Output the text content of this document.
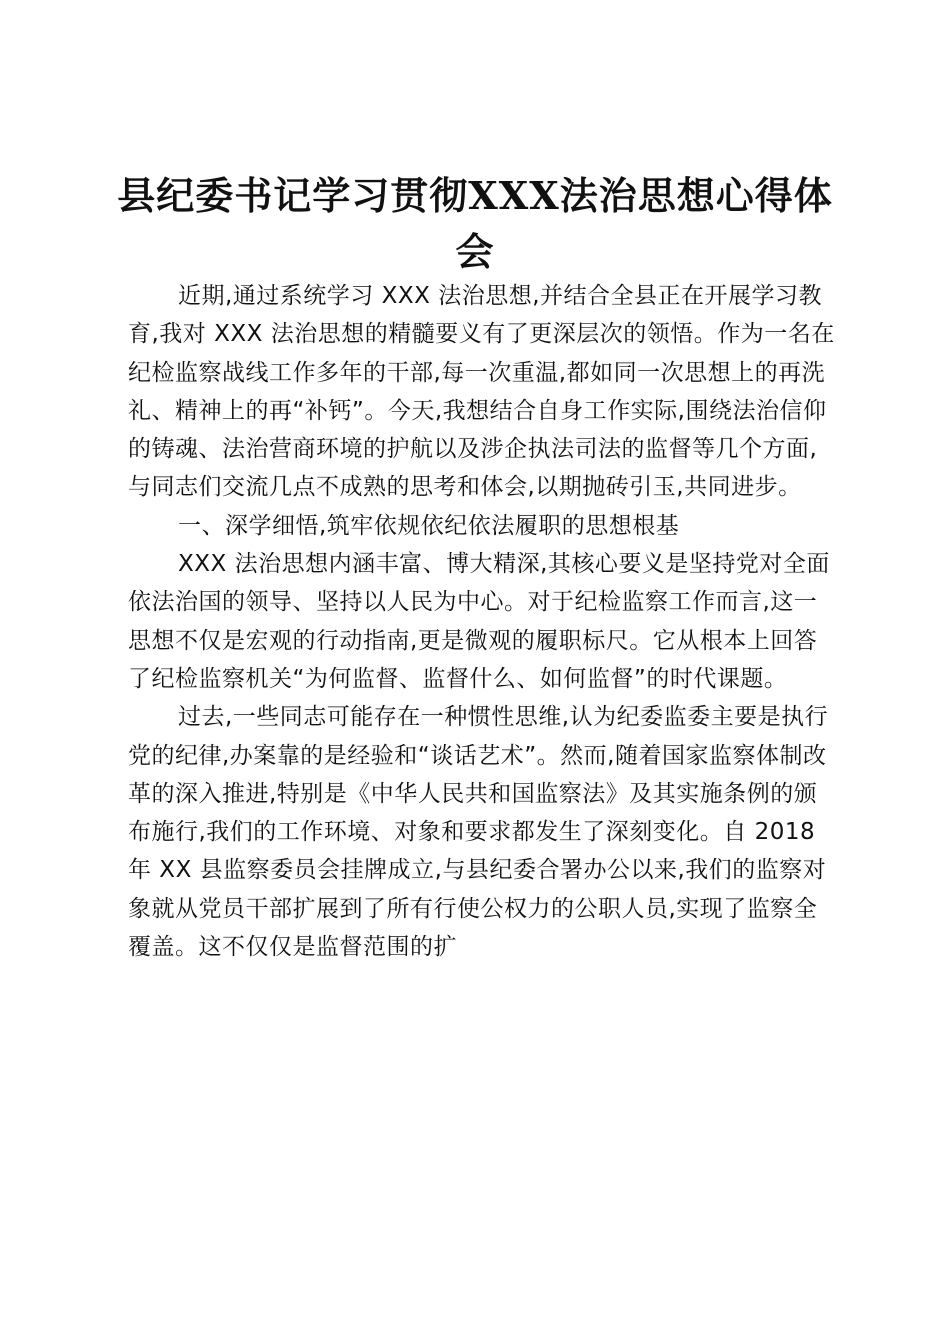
县纪委书记学习贯彻XXX法治思想心得体会

近期,通过系统学习 XXX 法治思想,并结合全县正在开展学习教育,我对 XXX 法治思想的精髓要义有了更深层次的领悟。作为一名在纪检监察战线工作多年的干部,每一次重温,都如同一次思想上的再洗礼、精神上的再“补钙”。今天,我想结合自身工作实际,围绕法治信仰的铸魂、法治营商环境的护航以及涉企执法司法的监督等几个方面,与同志们交流几点不成熟的思考和体会,以期抛砖引玉,共同进步。

一、深学细悟,筑牢依规依纪依法履职的思想根基

XXX 法治思想内涵丰富、博大精深,其核心要义是坚持党对全面依法治国的领导、坚持以人民为中心。对于纪检监察工作而言,这一思想不仅是宏观的行动指南,更是微观的履职标尺。它从根本上回答了纪检监察机关“为何监督、监督什么、如何监督”的时代课题。

过去,一些同志可能存在一种惯性思维,认为纪委监委主要是执行党的纪律,办案靠的是经验和“谈话艺术”。然而,随着国家监察体制改革的深入推进,特别是《中华人民共和国监察法》及其实施条例的颁布施行,我们的工作环境、对象和要求都发生了深刻变化。自 2018 年 XX 县监察委员会挂牌成立,与县纪委合署办公以来,我们的监察对象就从党员干部扩展到了所有行使公权力的公职人员,实现了监察全覆盖。这不仅仅是监督范围的扩
